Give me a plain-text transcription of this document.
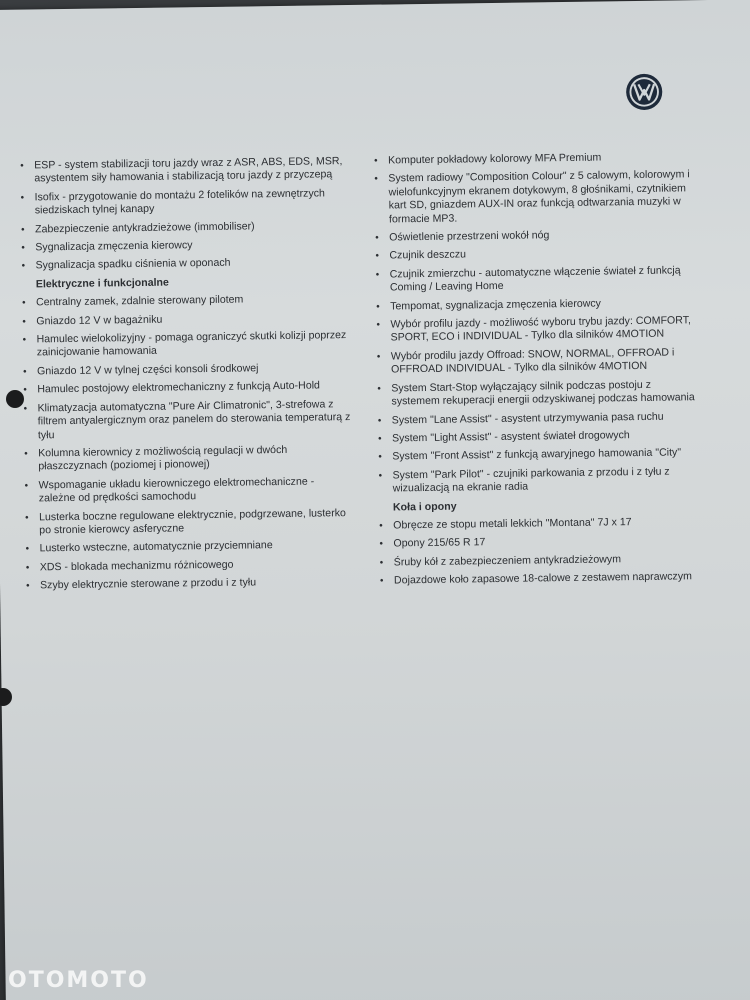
• ESP - system stabilizacji toru jazdy wraz z ASR, ABS, EDS, MSR, asystentem siły hamowania i stabilizacją toru jazdy z przyczepą
• Isofix - przygotowanie do montażu 2 fotelików na zewnętrzych siedziskach tylnej kanapy
• Zabezpieczenie antykradzieżowe (immobiliser)
• Sygnalizacja zmęczenia kierowcy
• Sygnalizacja spadku ciśnienia w oponach
Elektryczne i funkcjonalne
• Centralny zamek, zdalnie sterowany pilotem
• Gniazdo 12 V w bagażniku
• Hamulec wielokolizyjny - pomaga ograniczyć skutki kolizji poprzez zainicjowanie hamowania
• Gniazdo 12 V w tylnej części konsoli środkowej
• Hamulec postojowy elektromechaniczny z funkcją Auto-Hold
• Klimatyzacja automatyczna "Pure Air Climatronic", 3-strefowa z filtrem antyalergicznym oraz panelem do sterowania temperaturą z tyłu
• Kolumna kierownicy z możliwością regulacji w dwóch płaszczyznach (poziomej i pionowej)
• Wspomaganie układu kierowniczego elektromechaniczne - zależne od prędkości samochodu
• Lusterka boczne regulowane elektrycznie, podgrzewane, lusterko po stronie kierowcy asferyczne
• Lusterko wsteczne, automatycznie przyciemniane
• XDS - blokada mechanizmu różnicowego
• Szyby elektrycznie sterowane z przodu i z tyłu
• Komputer pokładowy kolorowy MFA Premium
• System radiowy "Composition Colour" z 5 calowym, kolorowym i wielofunkcyjnym ekranem dotykowym, 8 głośnikami, czytnikiem kart SD, gniazdem AUX-IN oraz funkcją odtwarzania muzyki w formacie MP3.
• Oświetlenie przestrzeni wokół nóg
• Czujnik deszczu
• Czujnik zmierzchu - automatyczne włączenie świateł z funkcją Coming / Leaving Home
• Tempomat, sygnalizacja zmęczenia kierowcy
• Wybór profilu jazdy - możliwość wyboru trybu jazdy: COMFORT, SPORT, ECO i INDIVIDUAL - Tylko dla silników 4MOTION
• Wybór prodilu jazdy Offroad: SNOW, NORMAL, OFFROAD i OFFROAD INDIVIDUAL - Tylko dla silników 4MOTION
• System Start-Stop wyłączający silnik podczas postoju z systemem rekuperacji energii odzyskiwanej podczas hamowania
• System "Lane Assist" - asystent utrzymywania pasa ruchu
• System "Light Assist" - asystent świateł drogowych
• System "Front Assist" z funkcją awaryjnego hamowania "City"
• System "Park Pilot" - czujniki parkowania z przodu i z tyłu z wizualizacją na ekranie radia
Koła i opony
• Obręcze ze stopu metali lekkich "Montana" 7J x 17
• Opony 215/65 R 17
• Śruby kół z zabezpieczeniem antykradzieżowym
• Dojazdowe koło zapasowe 18-calowe z zestawem naprawczym
OTOMOTO
